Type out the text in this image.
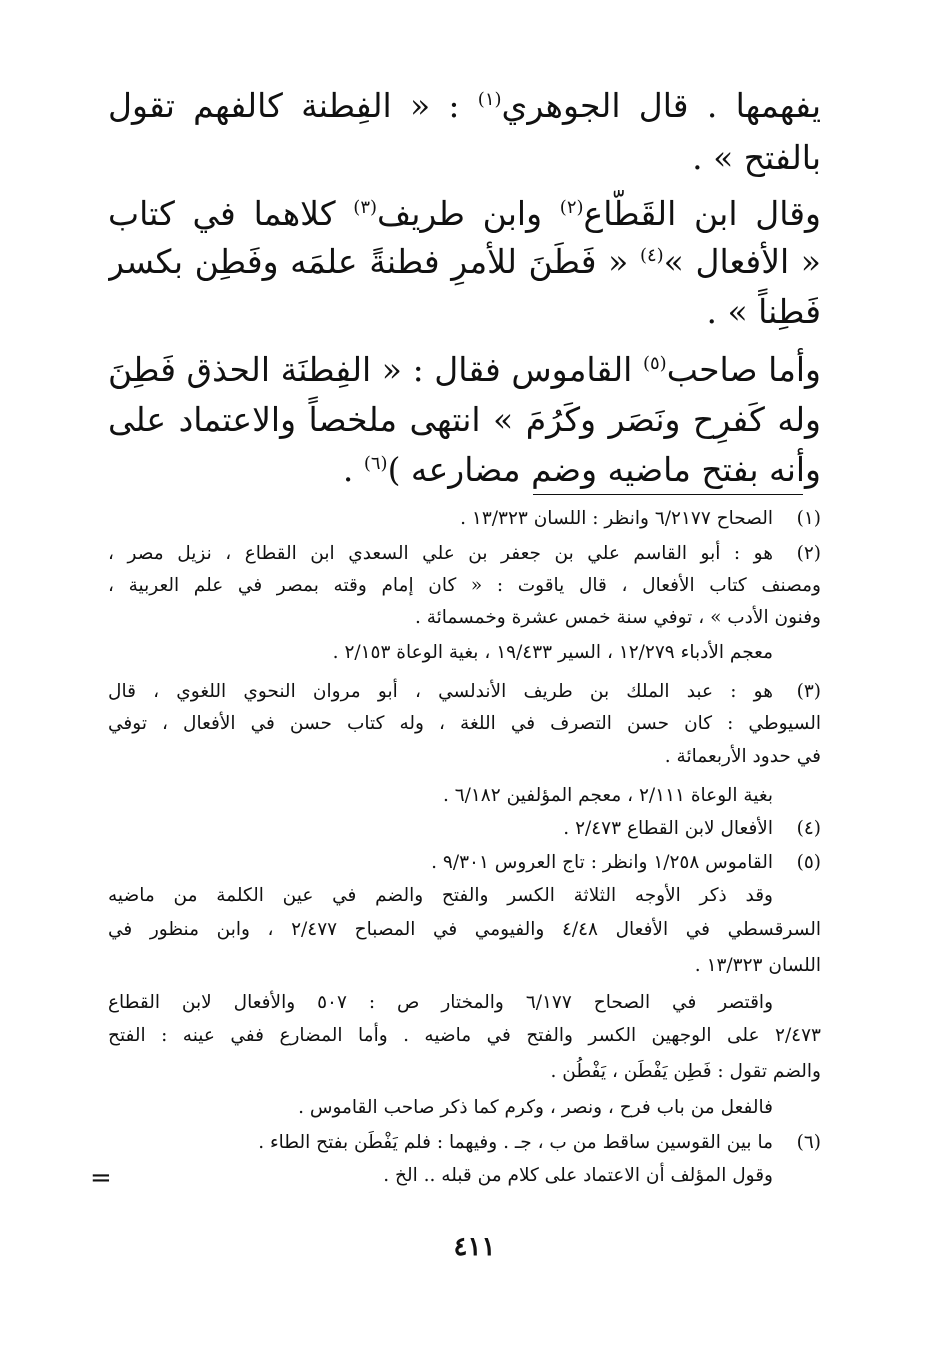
يفهمها . قال الجوهري$^{(١)}$ : « الفِطنة كالفهم تقول
بالفتح » .
وقال ابن القَطَّاع$^{(٢)}$ وابن طريف$^{(٣)}$ كلاهما في كتاب
« الأفعال »$^{(٤)}$ « فَطَنَ للأمرِ فطنةً علمَه وفَطِن بكسر
فَطِناً » .
وأما صاحب$^{(٥)}$ القاموس فقال : « الفِطنَة الحذق فَطِنَ
وله كَفرِح ونَصَر وكَرُمَ » انتهى ملخصاً والاعتماد على
وأنه بفتح ماضيه وضم مضارعه )$^{(٦)}$ .
(١)
الصحاح ٦/٢١٧٧ وانظر : اللسان ١٣/٣٢٣ .
(٢)
هو : أبو القاسم علي بن جعفر بن علي السعدي ابن القطاع ، نزيل مصر ،
ومصنف كتاب الأفعال ، قال ياقوت : « كان إمام وقته بمصر في علم العربية ،
وفنون الأدب » ، توفي سنة خمس عشرة وخمسمائة .
معجم الأدباء ١٢/٢٧٩ ، السير ١٩/٤٣٣ ، بغية الوعاة ٢/١٥٣ .
(٣)
هو : عبد الملك بن طريف الأندلسي ، أبو مروان النحوي اللغوي ، قال
السيوطي : كان حسن التصرف في اللغة ، وله كتاب حسن في الأفعال ، توفي
في حدود الأربعمائة .
بغية الوعاة ٢/١١١ ، معجم المؤلفين ٦/١٨٢ .
(٤)
الأفعال لابن القطاع ٢/٤٧٣ .
(٥)
القاموس ١/٢٥٨ وانظر : تاج العروس ٩/٣٠١ .
وقد ذكر الأوجه الثلاثة الكسر والفتح والضم في عين الكلمة من ماضيه
السرقسطي في الأفعال ٤/٤٨ والفيومي في المصباح ٢/٤٧٧ ، وابن منظور في
اللسان ١٣/٣٢٣ .
واقتصر في الصحاح ٦/١٧٧ والمختار ص : ٥٠٧ والأفعال لابن القطاع
٢/٤٧٣ على الوجهين الكسر والفتح في ماضيه . وأما المضارع ففي عينه : الفتح
والضم تقول : فَطِن يَفْطَن ، يَفْطُن .
فالفعل من باب فرح ، ونصر ، وكرم كما ذكر صاحب القاموس .
(٦)
ما بين القوسين ساقط من ب ، جـ . وفيهما : فلم يَفْطَن بفتح الطاء .
وقول المؤلف أن الاعتماد على كلام من قبله .. الخ .
=
٤١١
